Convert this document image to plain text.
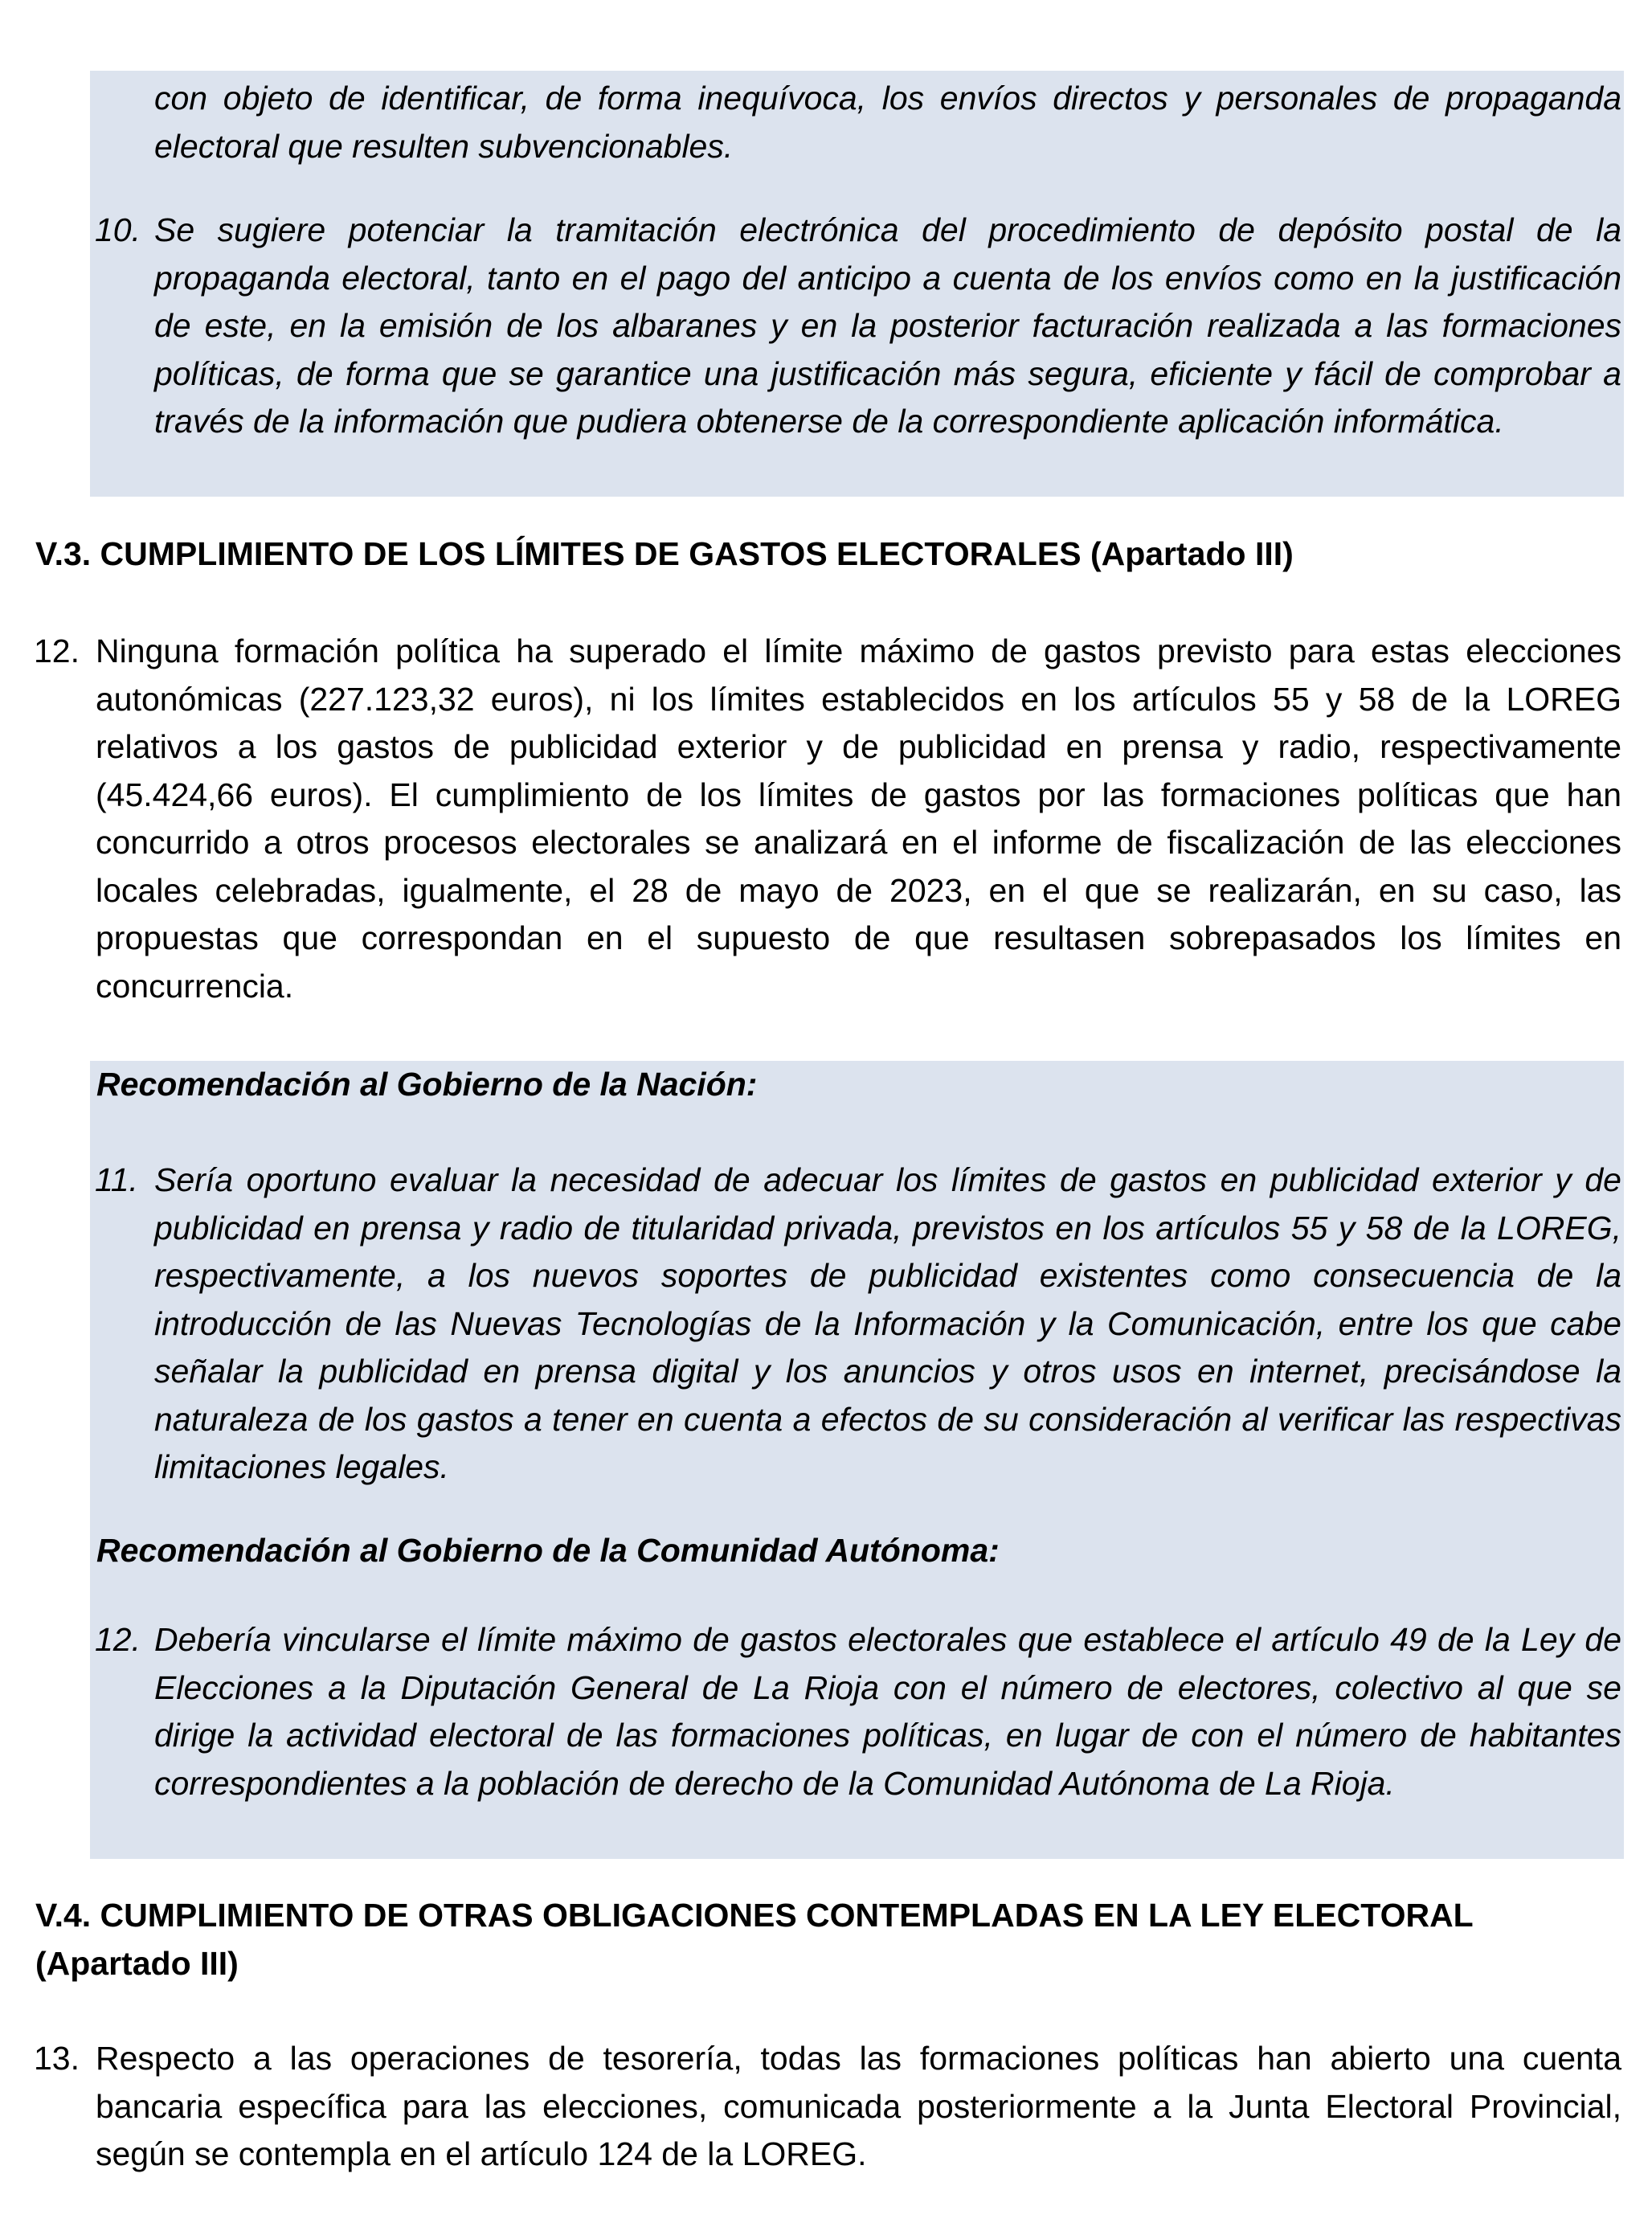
con objeto de identificar, de forma inequívoca, los envíos directos y personales de propaganda electoral que resulten subvencionables.
10. Se sugiere potenciar la tramitación electrónica del procedimiento de depósito postal de la propaganda electoral, tanto en el pago del anticipo a cuenta de los envíos como en la justificación de este, en la emisión de los albaranes y en la posterior facturación realizada a las formaciones políticas, de forma que se garantice una justificación más segura, eficiente y fácil de comprobar a través de la información que pudiera obtenerse de la correspondiente aplicación informática.
V.3. CUMPLIMIENTO DE LOS LÍMITES DE GASTOS ELECTORALES (Apartado III)
12. Ninguna formación política ha superado el límite máximo de gastos previsto para estas elecciones autonómicas (227.123,32 euros), ni los límites establecidos en los artículos 55 y 58 de la LOREG relativos a los gastos de publicidad exterior y de publicidad en prensa y radio, respectivamente (45.424,66 euros). El cumplimiento de los límites de gastos por las formaciones políticas que han concurrido a otros procesos electorales se analizará en el informe de fiscalización de las elecciones locales celebradas, igualmente, el 28 de mayo de 2023, en el que se realizarán, en su caso, las propuestas que correspondan en el supuesto de que resultasen sobrepasados los límites en concurrencia.
Recomendación al Gobierno de la Nación:
11. Sería oportuno evaluar la necesidad de adecuar los límites de gastos en publicidad exterior y de publicidad en prensa y radio de titularidad privada, previstos en los artículos 55 y 58 de la LOREG, respectivamente, a los nuevos soportes de publicidad existentes como consecuencia de la introducción de las Nuevas Tecnologías de la Información y la Comunicación, entre los que cabe señalar la publicidad en prensa digital y los anuncios y otros usos en internet, precisándose la naturaleza de los gastos a tener en cuenta a efectos de su consideración al verificar las respectivas limitaciones legales.
Recomendación al Gobierno de la Comunidad Autónoma:
12. Debería vincularse el límite máximo de gastos electorales que establece el artículo 49 de la Ley de Elecciones a la Diputación General de La Rioja con el número de electores, colectivo al que se dirige la actividad electoral de las formaciones políticas, en lugar de con el número de habitantes correspondientes a la población de derecho de la Comunidad Autónoma de La Rioja.
V.4. CUMPLIMIENTO DE OTRAS OBLIGACIONES CONTEMPLADAS EN LA LEY ELECTORAL (Apartado III)
13. Respecto a las operaciones de tesorería, todas las formaciones políticas han abierto una cuenta bancaria específica para las elecciones, comunicada posteriormente a la Junta Electoral Provincial, según se contempla en el artículo 124 de la LOREG.
